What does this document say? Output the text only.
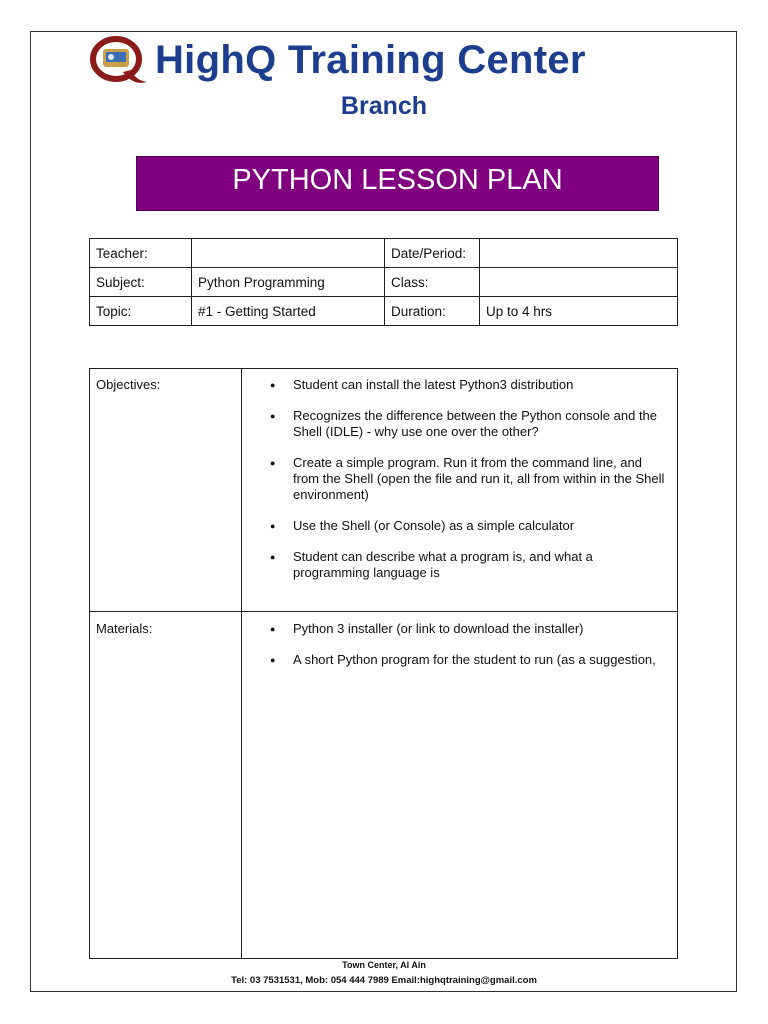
HighQ Training Center
Branch
PYTHON LESSON PLAN
Teacher:		Date/Period:	
Subject:	Python Programming	Class:	
Topic:	#1 - Getting Started	Duration:	Up to 4 hrs
Objectives:	● Student can install the latest Python3 distribution
● Recognizes the difference between the Python console and the Shell (IDLE) - why use one over the other?
● Create a simple program. Run it from the command line, and from the Shell (open the file and run it, all from within in the Shell environment)
● Use the Shell (or Console) as a simple calculator
● Student can describe what a program is, and what a programming language is
Materials:	● Python 3 installer (or link to download the installer)
● A short Python program for the student to run (as a suggestion,
Town Center, Al Ain
Tel: 03 7531531, Mob: 054 444 7989 Email:highqtraining@gmail.com
